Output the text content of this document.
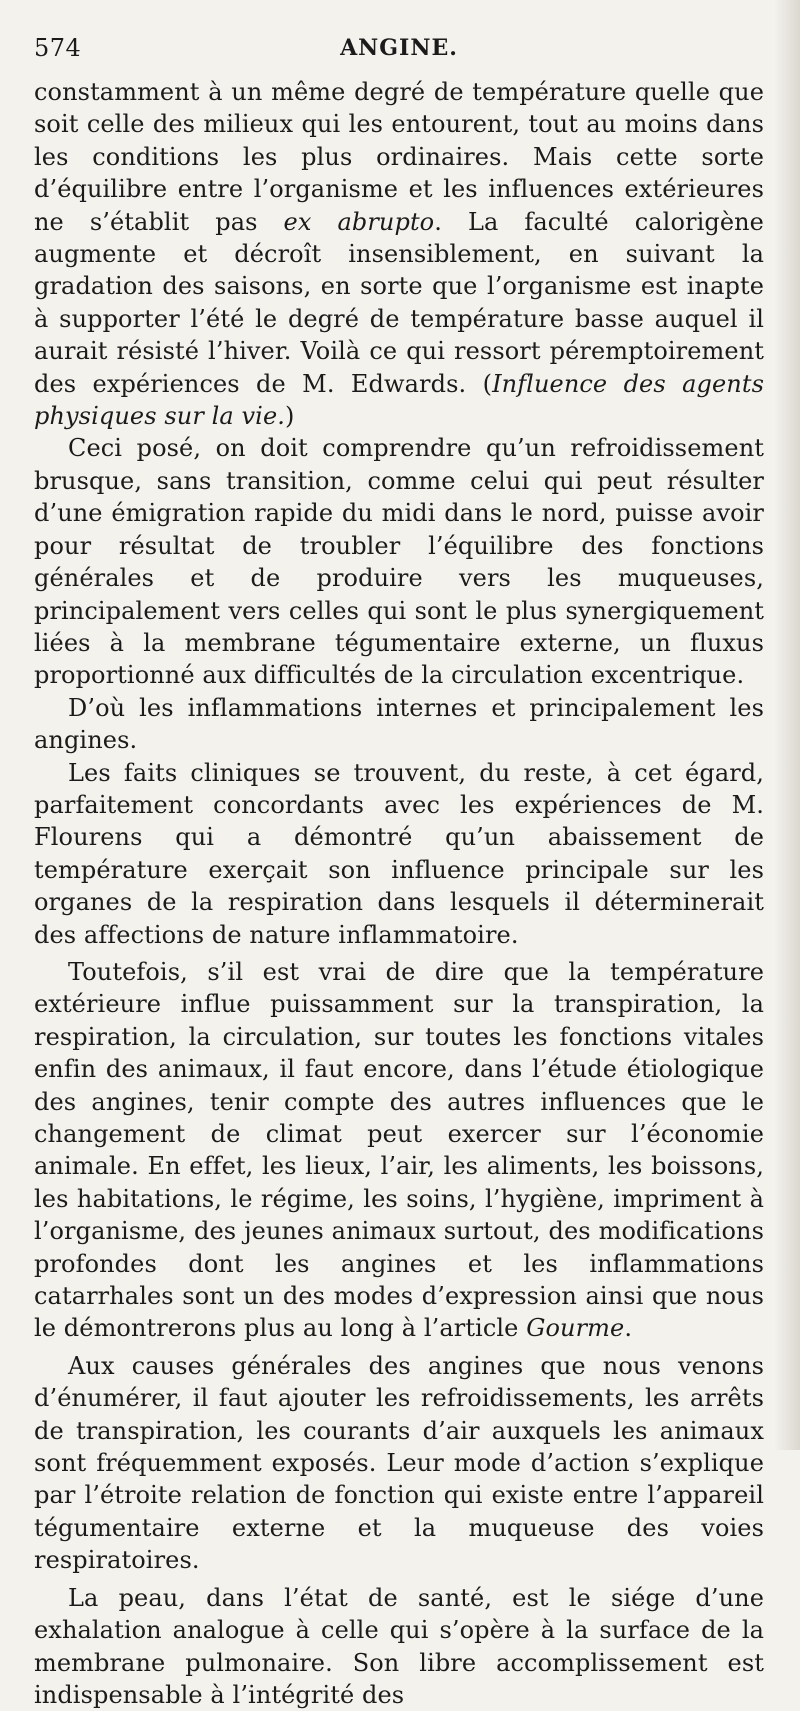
574	ANGINE.

constamment à un même degré de température quelle que soit celle des milieux qui les entourent, tout au moins dans les conditions les plus ordinaires. Mais cette sorte d’équilibre entre l’organisme et les influences extérieures ne s’établit pas ex abrupto. La faculté calorigène augmente et décroît insensiblement, en suivant la gradation des saisons, en sorte que l’organisme est inapte à supporter l’été le degré de température basse auquel il aurait résisté l’hiver. Voilà ce qui ressort péremptoirement des expériences de M. Edwards. (Influence des agents physiques sur la vie.)

Ceci posé, on doit comprendre qu’un refroidissement brusque, sans transition, comme celui qui peut résulter d’une émigration rapide du midi dans le nord, puisse avoir pour résultat de troubler l’équilibre des fonctions générales et de produire vers les muqueuses, principalement vers celles qui sont le plus synergiquement liées à la membrane tégumentaire externe, un fluxus proportionné aux difficultés de la circulation excentrique.

D’où les inflammations internes et principalement les angines.

Les faits cliniques se trouvent, du reste, à cet égard, parfaitement concordants avec les expériences de M. Flourens qui a démontré qu’un abaissement de température exerçait son influence principale sur les organes de la respiration dans lesquels il déterminerait des affections de nature inflammatoire.

Toutefois, s’il est vrai de dire que la température extérieure influe puissamment sur la transpiration, la respiration, la circulation, sur toutes les fonctions vitales enfin des animaux, il faut encore, dans l’étude étiologique des angines, tenir compte des autres influences que le changement de climat peut exercer sur l’économie animale. En effet, les lieux, l’air, les aliments, les boissons, les habitations, le régime, les soins, l’hygiène, impriment à l’organisme, des jeunes animaux surtout, des modifications profondes dont les angines et les inflammations catarrhales sont un des modes d’expression ainsi que nous le démontrerons plus au long à l’article Gourme.

Aux causes générales des angines que nous venons d’énumérer, il faut ajouter les refroidissements, les arrêts de transpiration, les courants d’air auxquels les animaux sont fréquemment exposés. Leur mode d’action s’explique par l’étroite relation de fonction qui existe entre l’appareil tégumentaire externe et la muqueuse des voies respiratoires.

La peau, dans l’état de santé, est le siége d’une exhalation analogue à celle qui s’opère à la surface de la membrane pulmonaire. Son libre accomplissement est indispensable à l’intégrité des
